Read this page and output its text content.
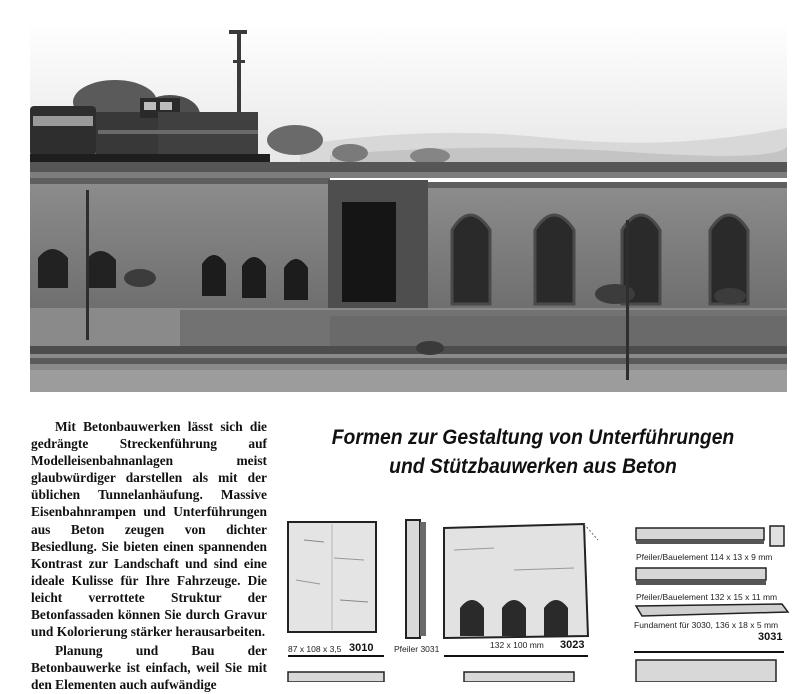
Mit Betonbauwerken lässt sich die gedrängte Streckenführung auf Modelleisenbahnanlagen meist glaubwürdiger darstellen als mit der üblichen Tunnelanhäufung. Massive Eisenbahnrampen und Unterführungen aus Beton zeugen von dichter Besiedlung. Sie bieten einen spannenden Kontrast zur Landschaft und sind eine ideale Kulisse für Ihre Fahrzeuge. Die leicht verrottete Struktur der Betonfassaden können Sie durch Gravur und Kolorierung stärker herausarbeiten.

Planung und Bau der Betonbauwerke ist einfach, weil Sie mit den Elementen auch aufwändige

Formen zur Gestaltung von Unterführungen
und Stützbauwerken aus Beton
87 x 108 x 3,5 3010 Pfeiler 3031	132 x 100 mm 3023
Pfeiler/Bauelement 114 x 13 x 9 mm
Pfeiler/Bauelement 132 x 15 x 11 mm
Fundament für 3030, 136 x 18 x 5 mm
3031
